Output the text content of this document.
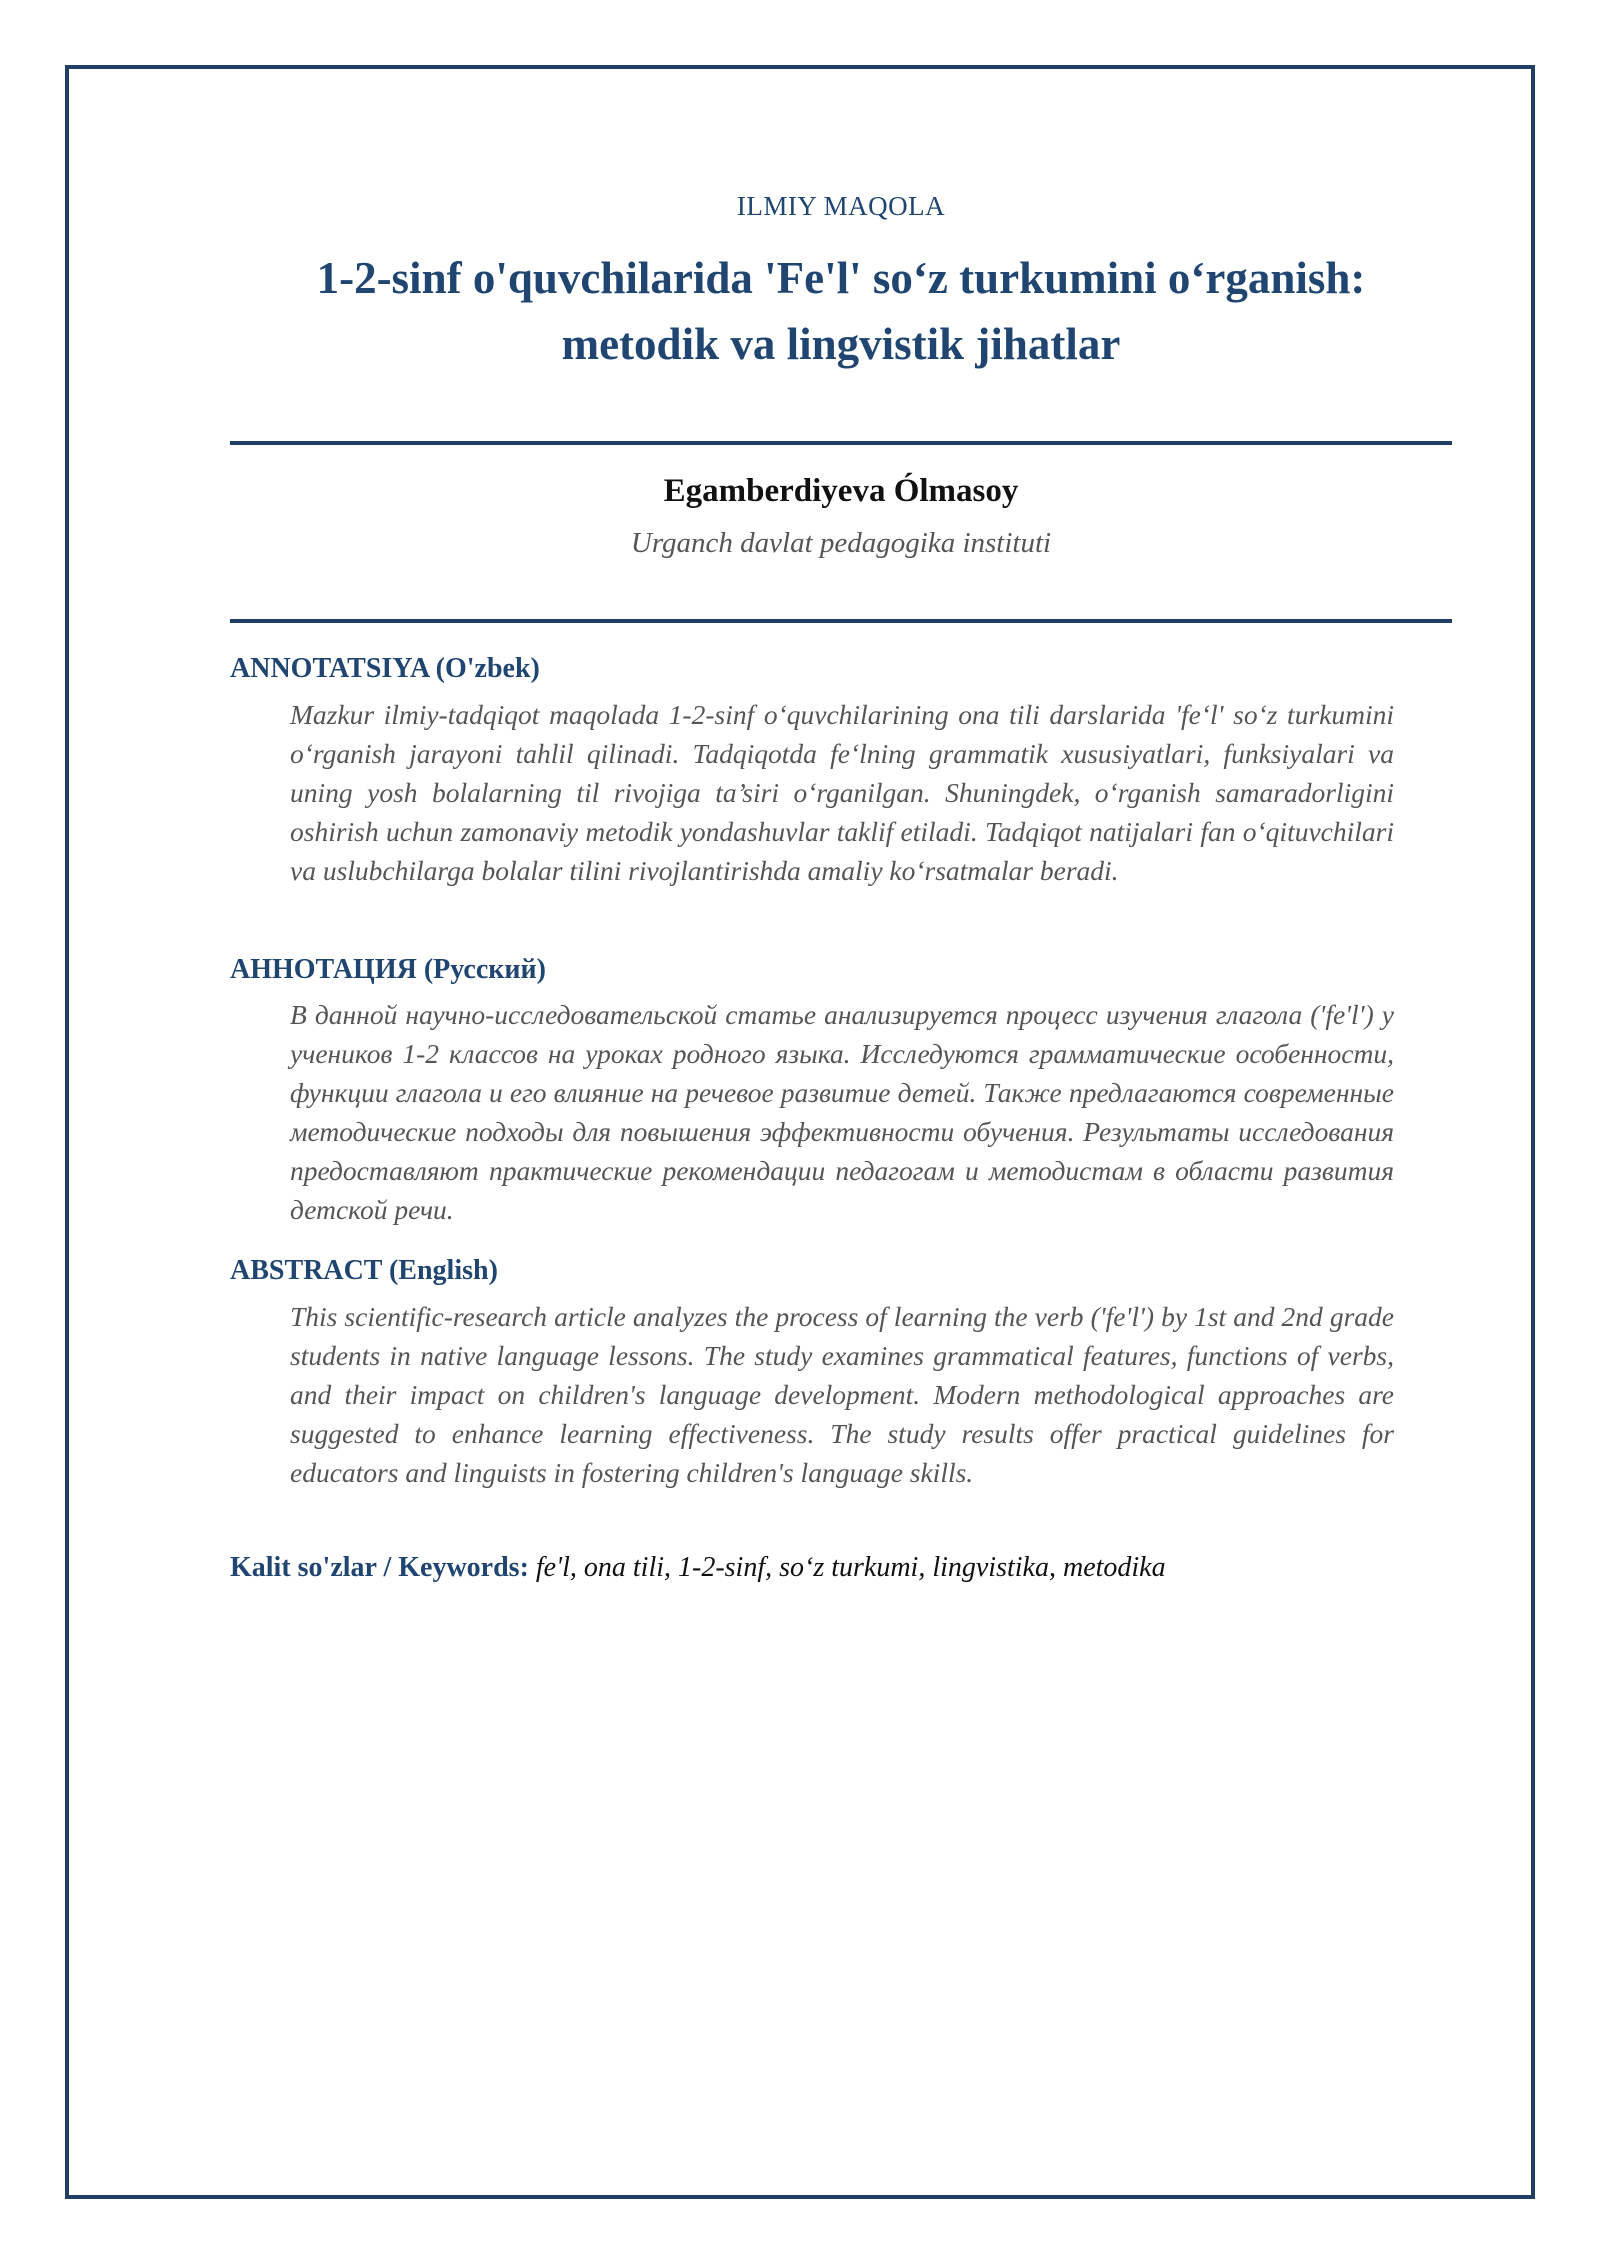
ILMIY MAQOLA
1-2-sinf o'quvchilarida 'Fe'l' so‘z turkumini o‘rganish:
metodik va lingvistik jihatlar
Egamberdiyeva Ólmasoy
Urganch davlat pedagogika instituti
ANNOTATSIYA (O'zbek)

Mazkur ilmiy-tadqiqot maqolada 1-2-sinf o‘quvchilarining ona tili darslarida 'fe‘l' so‘z turkumini o‘rganish jarayoni tahlil qilinadi. Tadqiqotda fe‘lning grammatik xususiyatlari, funksiyalari va uning yosh bolalarning til rivojiga ta’siri o‘rganilgan. Shuningdek, o‘rganish samaradorligini oshirish uchun zamonaviy metodik yondashuvlar taklif etiladi. Tadqiqot natijalari fan o‘qituvchilari va uslubchilarga bolalar tilini rivojlantirishda amaliy ko‘rsatmalar beradi.

АННОТАЦИЯ (Русский)

В данной научно-исследовательской статье анализируется процесс изучения глагола ('fe'l') у учеников 1-2 классов на уроках родного языка. Исследуются грамматические особенности, функции глагола и его влияние на речевое развитие детей. Также предлагаются современные методические подходы для повышения эффективности обучения. Результаты исследования предоставляют практические рекомендации педагогам и методистам в области развития детской речи.

ABSTRACT (English)

This scientific-research article analyzes the process of learning the verb ('fe'l') by 1st and 2nd grade students in native language lessons. The study examines grammatical features, functions of verbs, and their impact on children's language development. Modern methodological approaches are suggested to enhance learning effectiveness. The study results offer practical guidelines for educators and linguists in fostering children's language skills.

Kalit so'zlar / Keywords: fe'l, ona tili, 1-2-sinf, so‘z turkumi, lingvistika, metodika
